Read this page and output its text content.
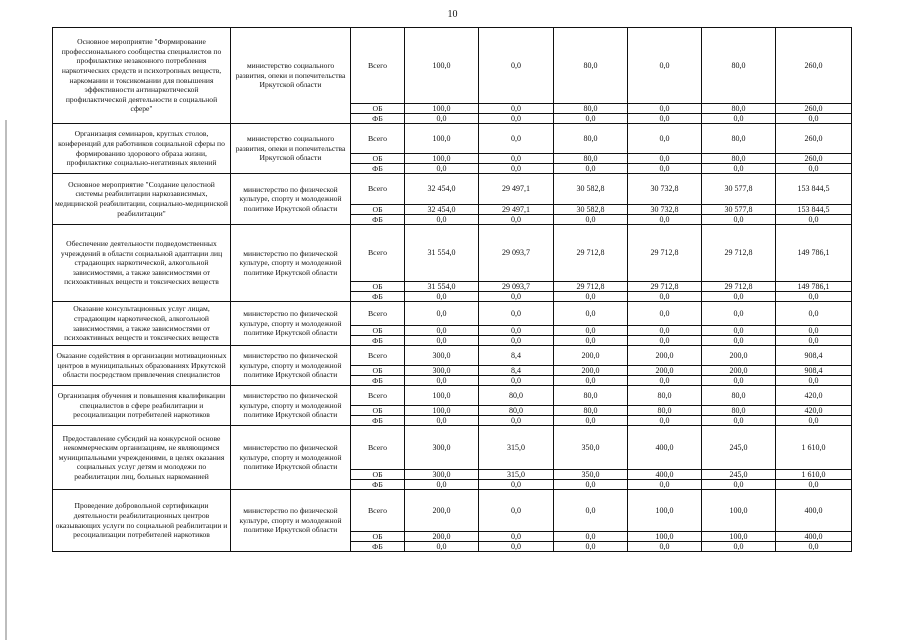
10
Основное мероприятие "Формирование профессионального сообщества специалистов по профилактике незаконного потребления наркотических средств и психотропных веществ, наркомании и токсикомании для повышения эффективности антинаркотической профилактической деятельности в социальной сфере"	министерство социального развития, опеки и попечительства Иркутской области	Всего	100,0	0,0	80,0	0,0	80,0	260,0
		ОБ	100,0	0,0	80,0	0,0	80,0	260,0
		ФБ	0,0	0,0	0,0	0,0	0,0	0,0
Организация семинаров, круглых столов, конференций для работников социальной сферы по формированию здорового образа жизни, профилактике социально-негативных явлений	министерство социального развития, опеки и попечительства Иркутской области	Всего	100,0	0,0	80,0	0,0	80,0	260,0
		ОБ	100,0	0,0	80,0	0,0	80,0	260,0
		ФБ	0,0	0,0	0,0	0,0	0,0	0,0
Основное мероприятие "Создание целостной системы реабилитации наркозависимых, медицинской реабилитации, социально-медицинской реабилитации"	министерство по физической культуре, спорту и молодежной политике Иркутской области	Всего	32 454,0	29 497,1	30 582,8	30 732,8	30 577,8	153 844,5
		ОБ	32 454,0	29 497,1	30 582,8	30 732,8	30 577,8	153 844,5
		ФБ	0,0	0,0	0,0	0,0	0,0	0,0
Обеспечение деятельности подведомственных учреждений в области социальной адаптации лиц страдающих наркотической, алкогольной зависимостями, а также зависимостями от психоактивных веществ и токсических веществ	министерство по физической культуре, спорту и молодежной политике Иркутской области	Всего	31 554,0	29 093,7	29 712,8	29 712,8	29 712,8	149 786,1
		ОБ	31 554,0	29 093,7	29 712,8	29 712,8	29 712,8	149 786,1
		ФБ	0,0	0,0	0,0	0,0	0,0	0,0
Оказание консультационных услуг лицам, страдающим наркотической, алкогольной зависимостями, а также зависимостями от психоактивных веществ и токсических веществ	министерство по физической культуре, спорту и молодежной политике Иркутской области	Всего	0,0	0,0	0,0	0,0	0,0	0,0
		ОБ	0,0	0,0	0,0	0,0	0,0	0,0
		ФБ	0,0	0,0	0,0	0,0	0,0	0,0
Оказание содействия в организации мотивационных центров в муниципальных образованиях Иркутской области посредством привлечения специалистов	министерство по физической культуре, спорту и молодежной политике Иркутской области	Всего	300,0	8,4	200,0	200,0	200,0	908,4
		ОБ	300,0	8,4	200,0	200,0	200,0	908,4
		ФБ	0,0	0,0	0,0	0,0	0,0	0,0
Организация обучения и повышения квалификации специалистов в сфере реабилитации и ресоциализации потребителей наркотиков	министерство по физической культуре, спорту и молодежной политике Иркутской области	Всего	100,0	80,0	80,0	80,0	80,0	420,0
		ОБ	100,0	80,0	80,0	80,0	80,0	420,0
		ФБ	0,0	0,0	0,0	0,0	0,0	0,0
Предоставление субсидий на конкурсной основе некоммерческим организациям, не являющимся муниципальными учреждениями, в целях оказания социальных услуг детям и молодежи по реабилитации лиц, больных наркоманией	министерство по физической культуре, спорту и молодежной политике Иркутской области	Всего	300,0	315,0	350,0	400,0	245,0	1 610,0
		ОБ	300,0	315,0	350,0	400,0	245,0	1 610,0
		ФБ	0,0	0,0	0,0	0,0	0,0	0,0
Проведение добровольной сертификации деятельности реабилитационных центров оказывающих услуги по социальной реабилитации и ресоциализации потребителей наркотиков	министерство по физической культуре, спорту и молодежной политике Иркутской области	Всего	200,0	0,0	0,0	100,0	100,0	400,0
		ОБ	200,0	0,0	0,0	100,0	100,0	400,0
		ФБ	0,0	0,0	0,0	0,0	0,0	0,0
